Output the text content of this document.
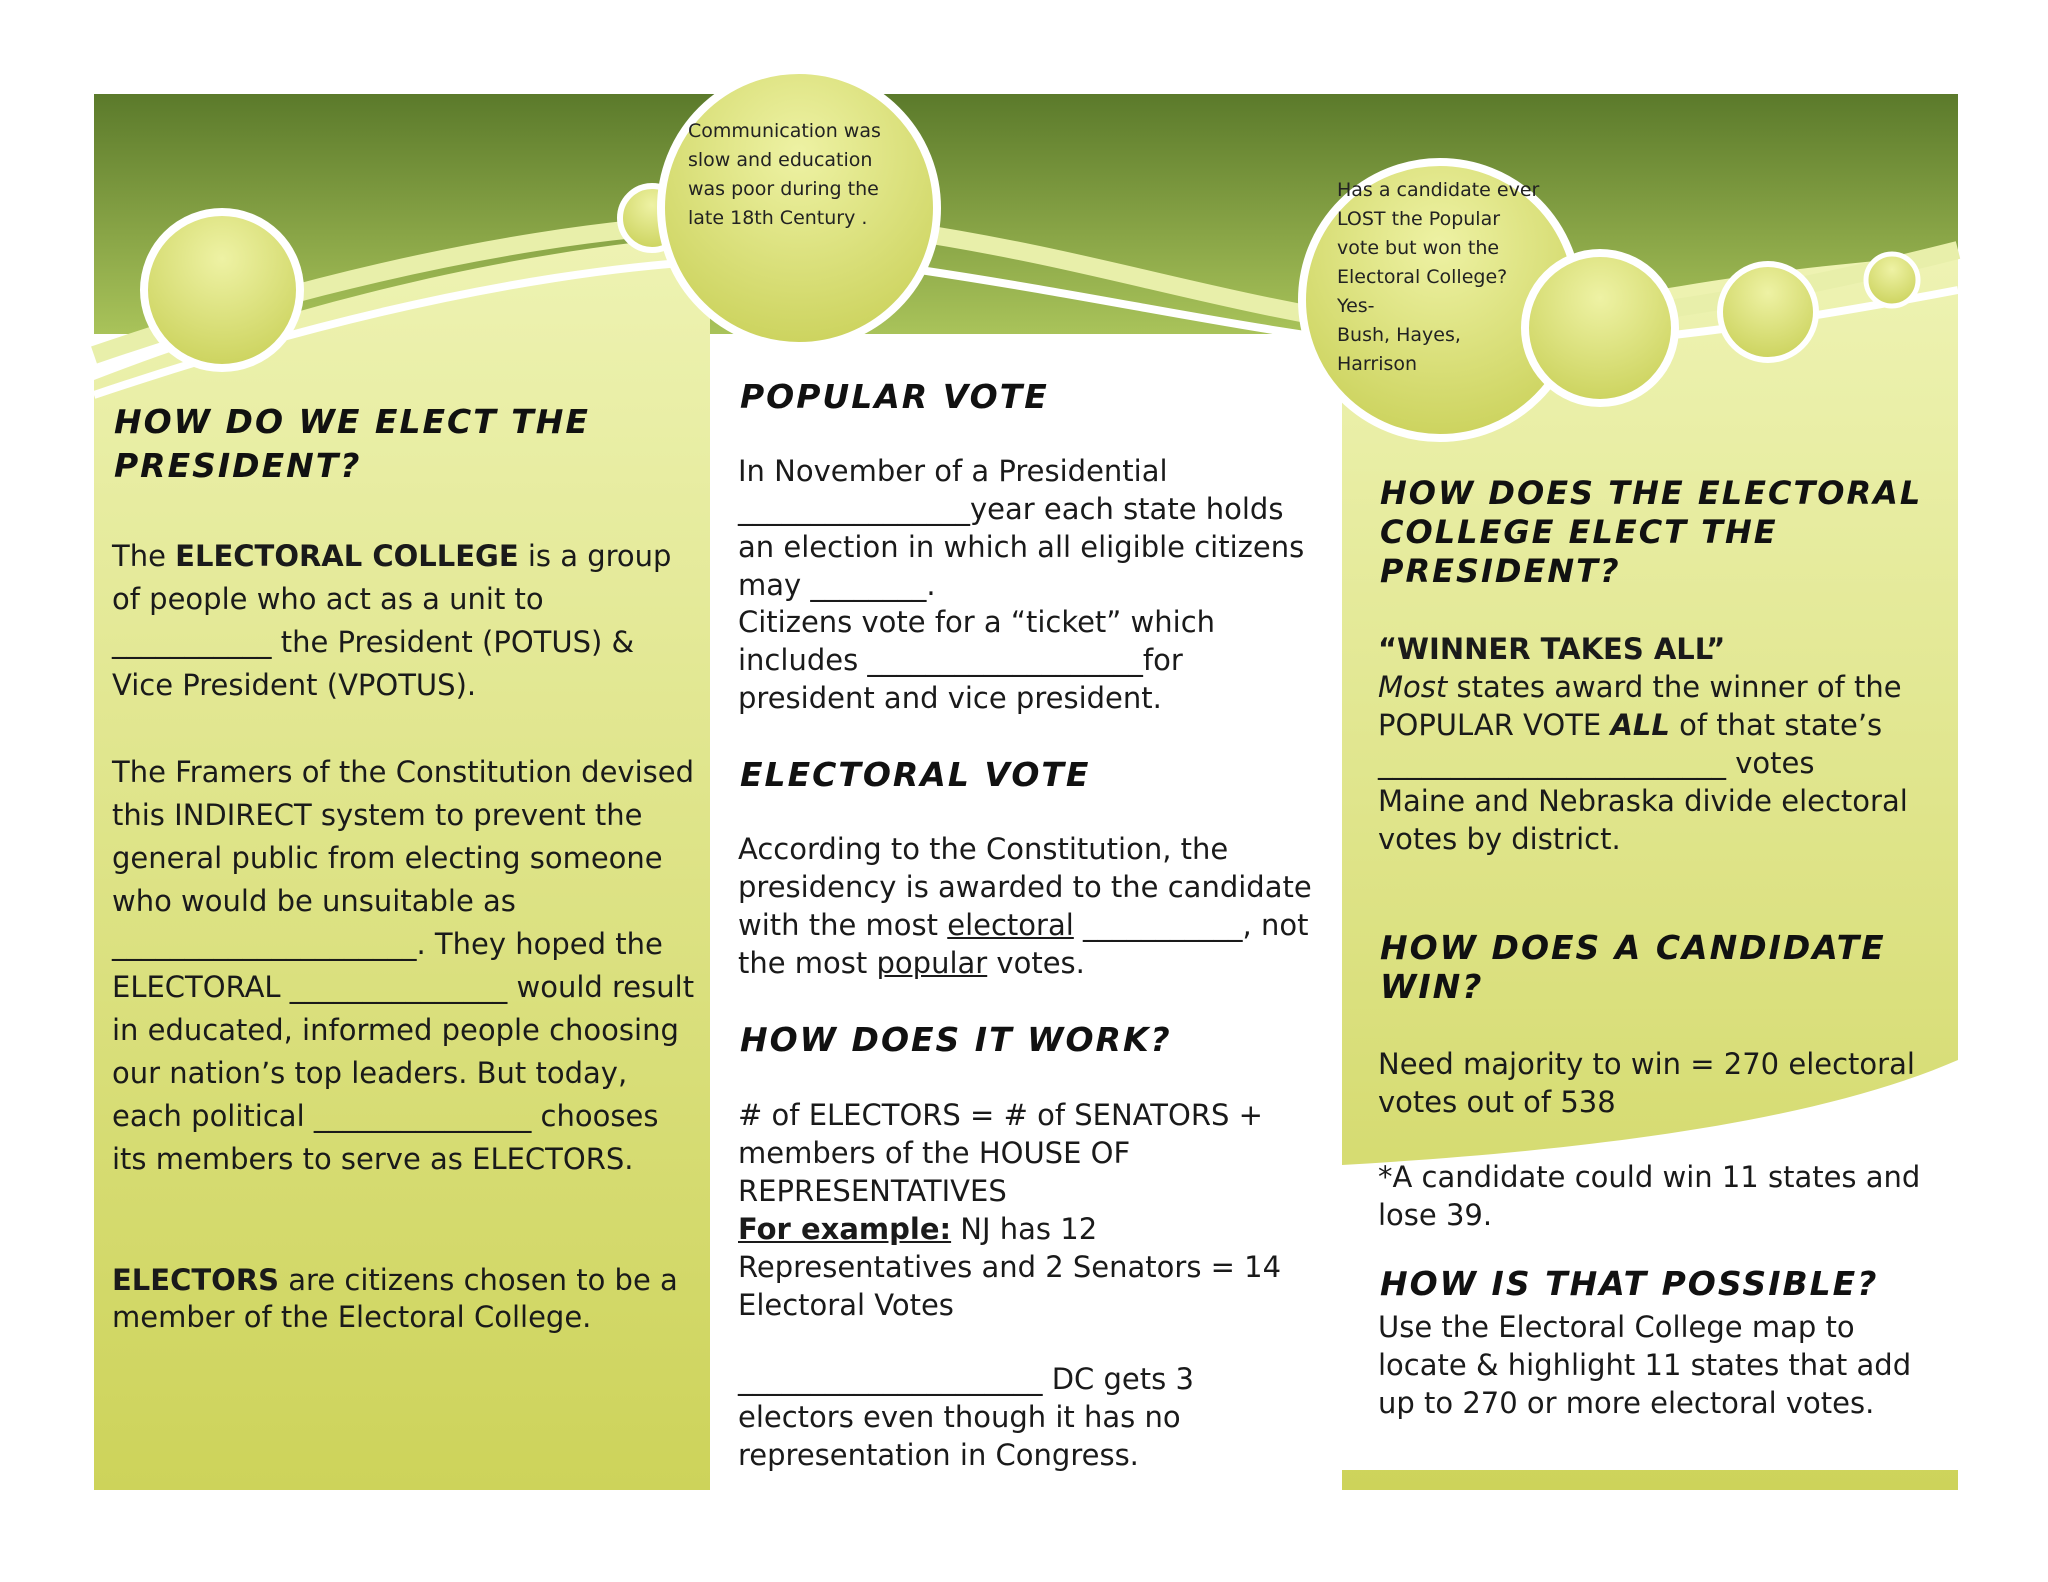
Communication was slow and education was poor during the late 18th Century .

Has a candidate ever LOST the Popular vote but won the Electoral College?
Yes-
Bush, Hayes, Harrison
HOW DO WE ELECT THE PRESIDENT?

The ELECTORAL COLLEGE is a group of people who act as a unit to ___________ the President (POTUS) & Vice President (VPOTUS).

The Framers of the Constitution devised this INDIRECT system to prevent the general public from electing someone who would be unsuitable as _____________________. They hoped the ELECTORAL _______________ would result in educated, informed people choosing our nation’s top leaders. But today, each political _______________ chooses its members to serve as ELECTORS.

ELECTORS are citizens chosen to be a member of the Electoral College.

POPULAR VOTE

In November of a Presidential ________________year each state holds an election in which all eligible citizens may ________.

Citizens vote for a “ticket” which includes ___________________for president and vice president.

ELECTORAL VOTE

According to the Constitution, the presidency is awarded to the candidate with the most electoral ___________, not the most popular votes.

HOW DOES IT WORK?

# of ELECTORS = # of SENATORS + members of the HOUSE OF REPRESENTATIVES

For example: NJ has 12 Representatives and 2 Senators = 14 Electoral Votes

_____________________ DC gets 3 electors even though it has no representation in Congress.

HOW DOES THE ELECTORAL COLLEGE ELECT THE PRESIDENT?

“WINNER TAKES ALL”

Most states award the winner of the POPULAR VOTE ALL of that state’s ________________________ votes

Maine and Nebraska divide electoral votes by district.

HOW DOES A CANDIDATE WIN?

Need majority to win = 270 electoral votes out of 538

*A candidate could win 11 states and lose 39.

HOW IS THAT POSSIBLE?

Use the Electoral College map to locate & highlight 11 states that add up to 270 or more electoral votes.
